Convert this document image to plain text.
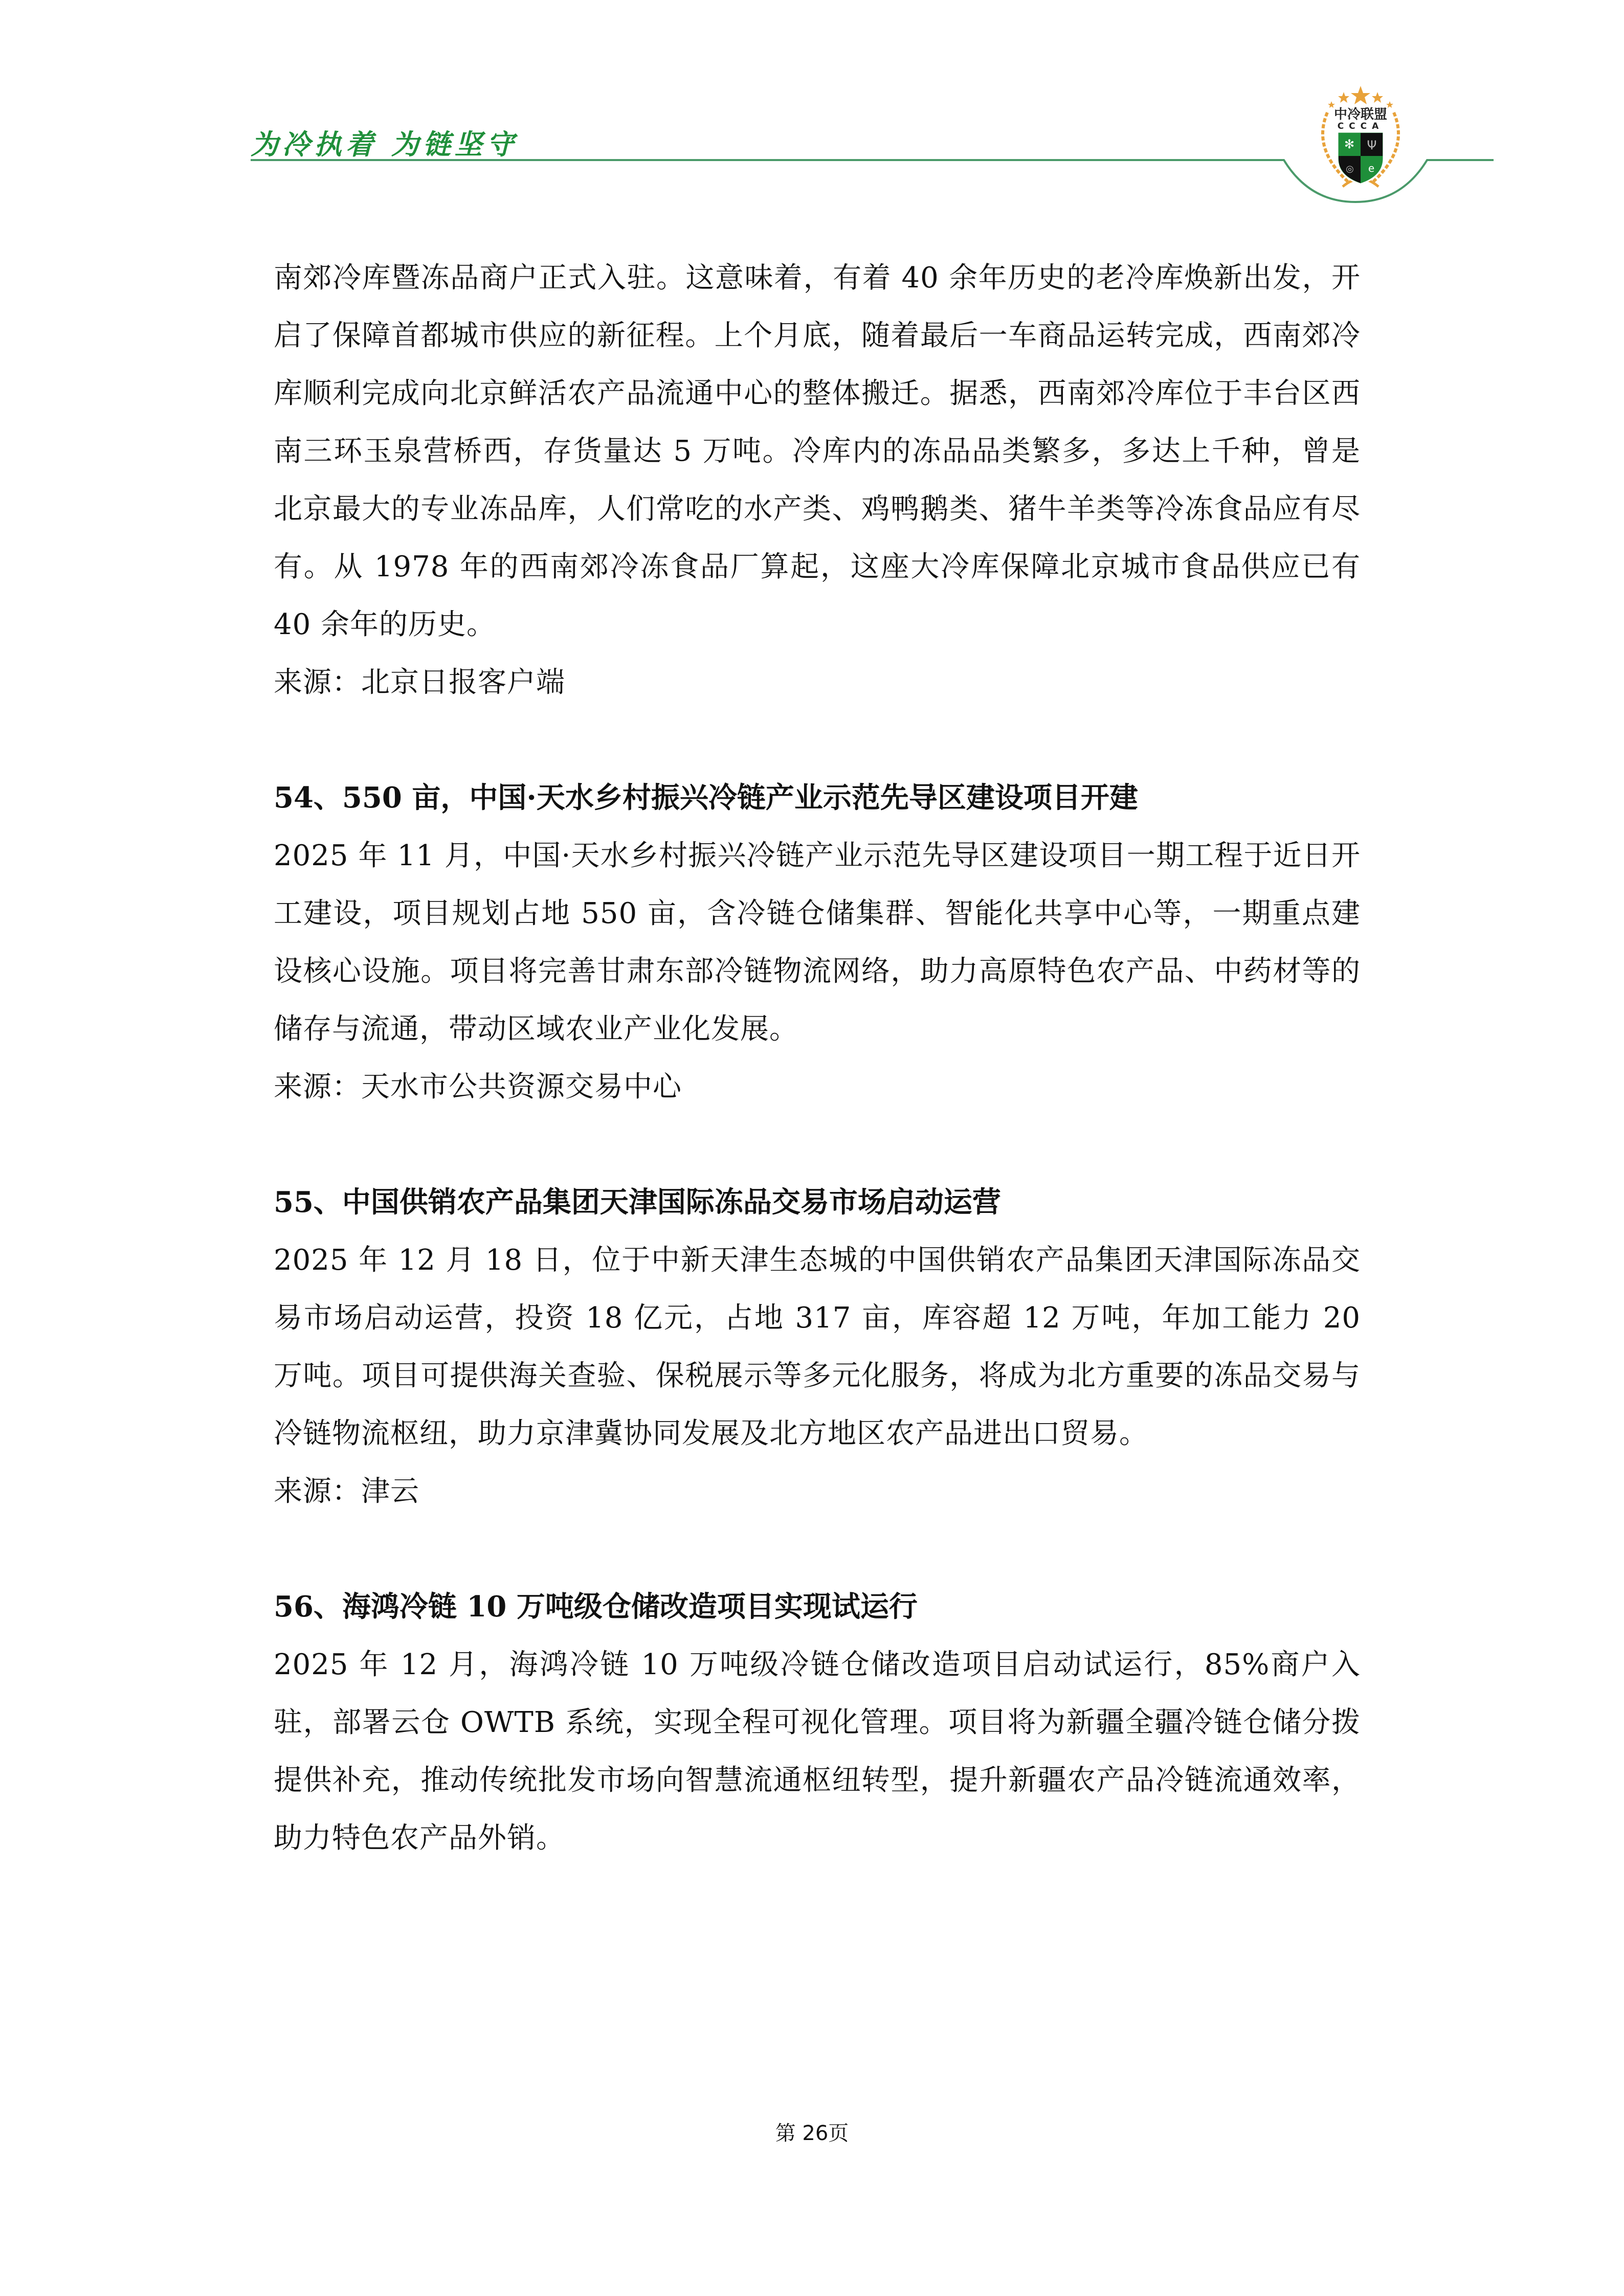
为冷执着 为链坚守
中冷联盟
CCCA
✻ Ψ
◎ e

南郊冷库暨冻品商户正式入驻。这意味着，有着 40 余年历史的老冷库焕新出发，开启了保障首都城市供应的新征程。上个月底，随着最后一车商品运转完成，西南郊冷库顺利完成向北京鲜活农产品流通中心的整体搬迁。据悉，西南郊冷库位于丰台区西南三环玉泉营桥西，存货量达 5 万吨。冷库内的冻品品类繁多，多达上千种，曾是北京最大的专业冻品库，人们常吃的水产类、鸡鸭鹅类、猪牛羊类等冷冻食品应有尽有。从 1978 年的西南郊冷冻食品厂算起，这座大冷库保障北京城市食品供应已有 40 余年的历史。

来源：北京日报客户端

54、550 亩，中国·天水乡村振兴冷链产业示范先导区建设项目开建

2025 年 11 月，中国·天水乡村振兴冷链产业示范先导区建设项目一期工程于近日开工建设，项目规划占地 550 亩，含冷链仓储集群、智能化共享中心等，一期重点建设核心设施。项目将完善甘肃东部冷链物流网络，助力高原特色农产品、中药材等的储存与流通，带动区域农业产业化发展。

来源：天水市公共资源交易中心

55、中国供销农产品集团天津国际冻品交易市场启动运营

2025 年 12 月 18 日，位于中新天津生态城的中国供销农产品集团天津国际冻品交易市场启动运营，投资 18 亿元，占地 317 亩，库容超 12 万吨，年加工能力 20 万吨。项目可提供海关查验、保税展示等多元化服务，将成为北方重要的冻品交易与冷链物流枢纽，助力京津冀协同发展及北方地区农产品进出口贸易。

来源：津云

56、海鸿冷链 10 万吨级仓储改造项目实现试运行

2025 年 12 月，海鸿冷链 10 万吨级冷链仓储改造项目启动试运行，85%商户入驻，部署云仓 OWTB 系统，实现全程可视化管理。项目将为新疆全疆冷链仓储分拨提供补充，推动传统批发市场向智慧流通枢纽转型，提升新疆农产品冷链流通效率，助力特色农产品外销。

第 26页
